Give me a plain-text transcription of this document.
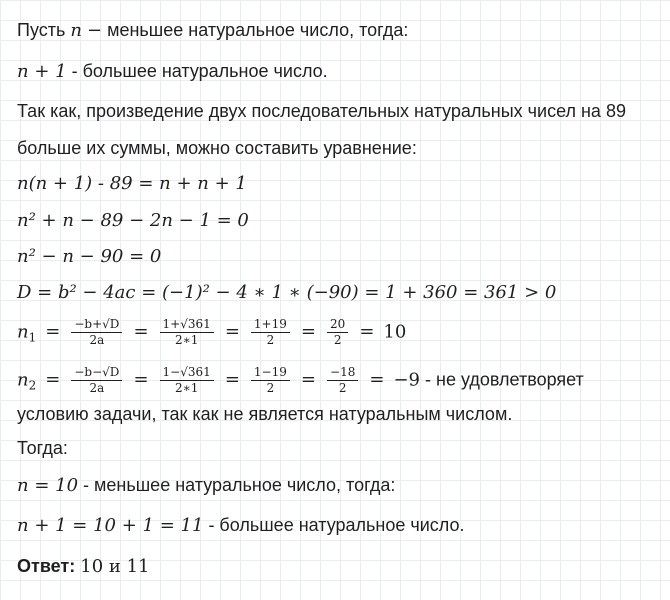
Пусть n − меньшее натуральное число, тогда:
n + 1 - большее натуральное число.
Так как, произведение двух последовательных натуральных чисел на 89
больше их суммы, можно составить уравнение:
n(n + 1) - 89 = n + n + 1
n² + n − 89 − 2n − 1 = 0
n² − n − 90 = 0
D = b² − 4ac = (−1)² − 4 ∗ 1 ∗ (−90) = 1 + 360 = 361 > 0
$n_1 = \frac{-b+√D}{2a} = \frac{1+√361}{2∗1} = \frac{1+19}{2} = \frac{20}{2} = 10$
$n_2 = \frac{-b-√D}{2a} = \frac{1-√361}{2∗1} = \frac{1-19}{2} = \frac{-18}{2} = -9$ - не удовлетворяет
условию задачи, так как не является натуральным числом.
Тогда:
n = 10 - меньшее натуральное число, тогда:
n + 1 = 10 + 1 = 11 - большее натуральное число.
Ответ: 10 и 11
